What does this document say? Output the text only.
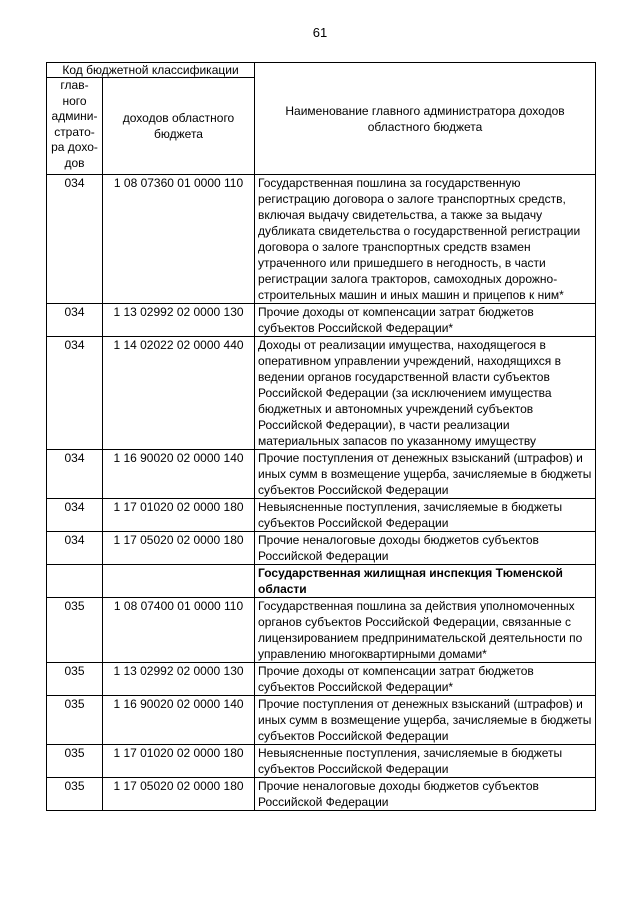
61
Код бюджетной классификации		Наименование главного администратора доходов областного бюджета
глав-ного админи-страто-ра дохо-дов	доходов областного бюджета	
034	1 08 07360 01 0000 110	Государственная пошлина за государственную регистрацию договора о залоге транспортных средств, включая выдачу свидетельства, а также за выдачу дубликата свидетельства о государственной регистрации договора о залоге транспортных средств взамен утраченного или пришедшего в негодность, в части регистрации залога тракторов, самоходных дорожно-строительных машин и иных машин и прицепов к ним*
034	1 13 02992 02 0000 130	Прочие доходы от компенсации затрат бюджетов субъектов Российской Федерации*
034	1 14 02022 02 0000 440	Доходы от реализации имущества, находящегося в оперативном управлении учреждений, находящихся в ведении органов государственной власти субъектов Российской Федерации (за исключением имущества бюджетных и автономных учреждений субъектов Российской Федерации), в части реализации материальных запасов по указанному имуществу
034	1 16 90020 02 0000 140	Прочие поступления от денежных взысканий (штрафов) и иных сумм в возмещение ущерба, зачисляемые в бюджеты субъектов Российской Федерации
034	1 17 01020 02 0000 180	Невыясненные поступления, зачисляемые в бюджеты субъектов Российской Федерации
034	1 17 05020 02 0000 180	Прочие неналоговые доходы бюджетов субъектов Российской Федерации
		Государственная жилищная инспекция Тюменской области
035	1 08 07400 01 0000 110	Государственная пошлина за действия уполномоченных органов субъектов Российской Федерации, связанные с лицензированием предпринимательской деятельности по управлению многоквартирными домами*
035	1 13 02992 02 0000 130	Прочие доходы от компенсации затрат бюджетов субъектов Российской Федерации*
035	1 16 90020 02 0000 140	Прочие поступления от денежных взысканий (штрафов) и иных сумм в возмещение ущерба, зачисляемые в бюджеты субъектов Российской Федерации
035	1 17 01020 02 0000 180	Невыясненные поступления, зачисляемые в бюджеты субъектов Российской Федерации
035	1 17 05020 02 0000 180	Прочие неналоговые доходы бюджетов субъектов Российской Федерации
